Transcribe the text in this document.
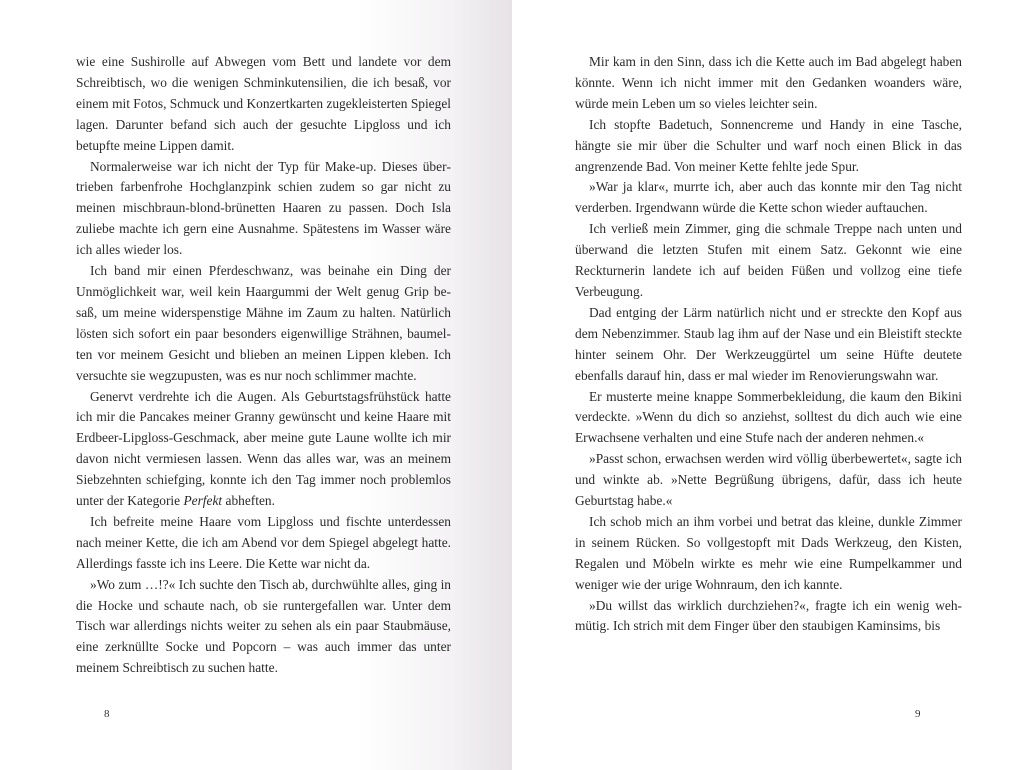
wie eine Sushirolle auf Abwegen vom Bett und landete vor dem Schreibtisch, wo die wenigen Schminkutensilien, die ich besaß, vor einem mit Fotos, Schmuck und Konzertkarten zugekleisterten Spiegel lagen. Darunter befand sich auch der gesuchte Lipgloss und ich betupfte meine Lippen damit.

Normalerweise war ich nicht der Typ für Make-up. Dieses übertrieben farbenfrohe Hochglanzpink schien zudem so gar nicht zu meinen mischbraun-blond-brünetten Haaren zu passen. Doch Isla zuliebe machte ich gern eine Ausnahme. Spätestens im Wasser wäre ich alles wieder los.

Ich band mir einen Pferdeschwanz, was beinahe ein Ding der Unmöglichkeit war, weil kein Haargummi der Welt genug Grip besaß, um meine widerspenstige Mähne im Zaum zu halten. Natürlich lösten sich sofort ein paar besonders eigenwillige Strähnen, baumelten vor meinem Gesicht und blieben an meinen Lippen kleben. Ich versuchte sie wegzupusten, was es nur noch schlimmer machte.

Genervt verdrehte ich die Augen. Als Geburtstagsfrühstück hatte ich mir die Pancakes meiner Granny gewünscht und keine Haare mit Erdbeer-Lipgloss-Geschmack, aber meine gute Laune wollte ich mir davon nicht vermiesen lassen. Wenn das alles war, was an meinem Siebzehnten schiefging, konnte ich den Tag immer noch problemlos unter der Kategorie Perfekt abheften.

Ich befreite meine Haare vom Lipgloss und fischte unterdessen nach meiner Kette, die ich am Abend vor dem Spiegel abgelegt hatte. Allerdings fasste ich ins Leere. Die Kette war nicht da.

»Wo zum …!?« Ich suchte den Tisch ab, durchwühlte alles, ging in die Hocke und schaute nach, ob sie runtergefallen war. Unter dem Tisch war allerdings nichts weiter zu sehen als ein paar Staubmäuse, eine zerknüllte Socke und Popcorn – was auch immer das unter meinem Schreibtisch zu suchen hatte.

8

Mir kam in den Sinn, dass ich die Kette auch im Bad abgelegt haben könnte. Wenn ich nicht immer mit den Gedanken woanders wäre, würde mein Leben um so vieles leichter sein.

Ich stopfte Badetuch, Sonnencreme und Handy in eine Tasche, hängte sie mir über die Schulter und warf noch einen Blick in das angrenzende Bad. Von meiner Kette fehlte jede Spur.

»War ja klar«, murrte ich, aber auch das konnte mir den Tag nicht verderben. Irgendwann würde die Kette schon wieder auftauchen.

Ich verließ mein Zimmer, ging die schmale Treppe nach unten und überwand die letzten Stufen mit einem Satz. Gekonnt wie eine Reckturnerin landete ich auf beiden Füßen und vollzog eine tiefe Verbeugung.

Dad entging der Lärm natürlich nicht und er streckte den Kopf aus dem Nebenzimmer. Staub lag ihm auf der Nase und ein Bleistift steckte hinter seinem Ohr. Der Werkzeuggürtel um seine Hüfte deutete ebenfalls darauf hin, dass er mal wieder im Renovierungswahn war.

Er musterte meine knappe Sommerbekleidung, die kaum den Bikini verdeckte. »Wenn du dich so anziehst, solltest du dich auch wie eine Erwachsene verhalten und eine Stufe nach der anderen nehmen.«

»Passt schon, erwachsen werden wird völlig überbewertet«, sagte ich und winkte ab. »Nette Begrüßung übrigens, dafür, dass ich heute Geburtstag habe.«

Ich schob mich an ihm vorbei und betrat das kleine, dunkle Zimmer in seinem Rücken. So vollgestopft mit Dads Werkzeug, den Kisten, Regalen und Möbeln wirkte es mehr wie eine Rumpelkammer und weniger wie der urige Wohnraum, den ich kannte.

»Du willst das wirklich durchziehen?«, fragte ich ein wenig wehmütig. Ich strich mit dem Finger über den staubigen Kaminsims, bis

9
